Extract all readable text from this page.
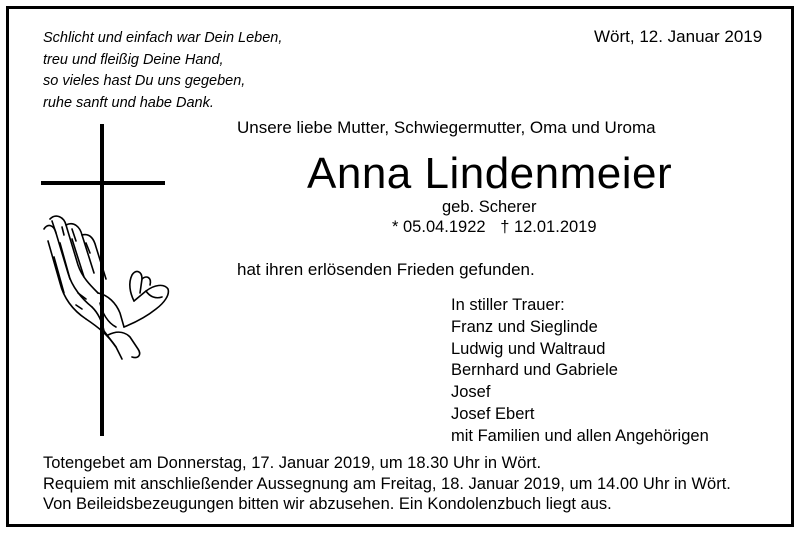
Schlicht und einfach war Dein Leben,
treu und fleißig Deine Hand,
so vieles hast Du uns gegeben,
ruhe sanft und habe Dank.
Wört, 12. Januar 2019
Unsere liebe Mutter, Schwiegermutter, Oma und Uroma
Anna Lindenmeier
geb. Scherer
* 05.04.1922 † 12.01.2019
hat ihren erlösenden Frieden gefunden.
In stiller Trauer:
Franz und Sieglinde
Ludwig und Waltraud
Bernhard und Gabriele
Josef
Josef Ebert
mit Familien und allen Angehörigen
Totengebet am Donnerstag, 17. Januar 2019, um 18.30 Uhr in Wört.
Requiem mit anschließender Aussegnung am Freitag, 18. Januar 2019, um 14.00 Uhr in Wört.
Von Beileidsbezeugungen bitten wir abzusehen. Ein Kondolenzbuch liegt aus.
